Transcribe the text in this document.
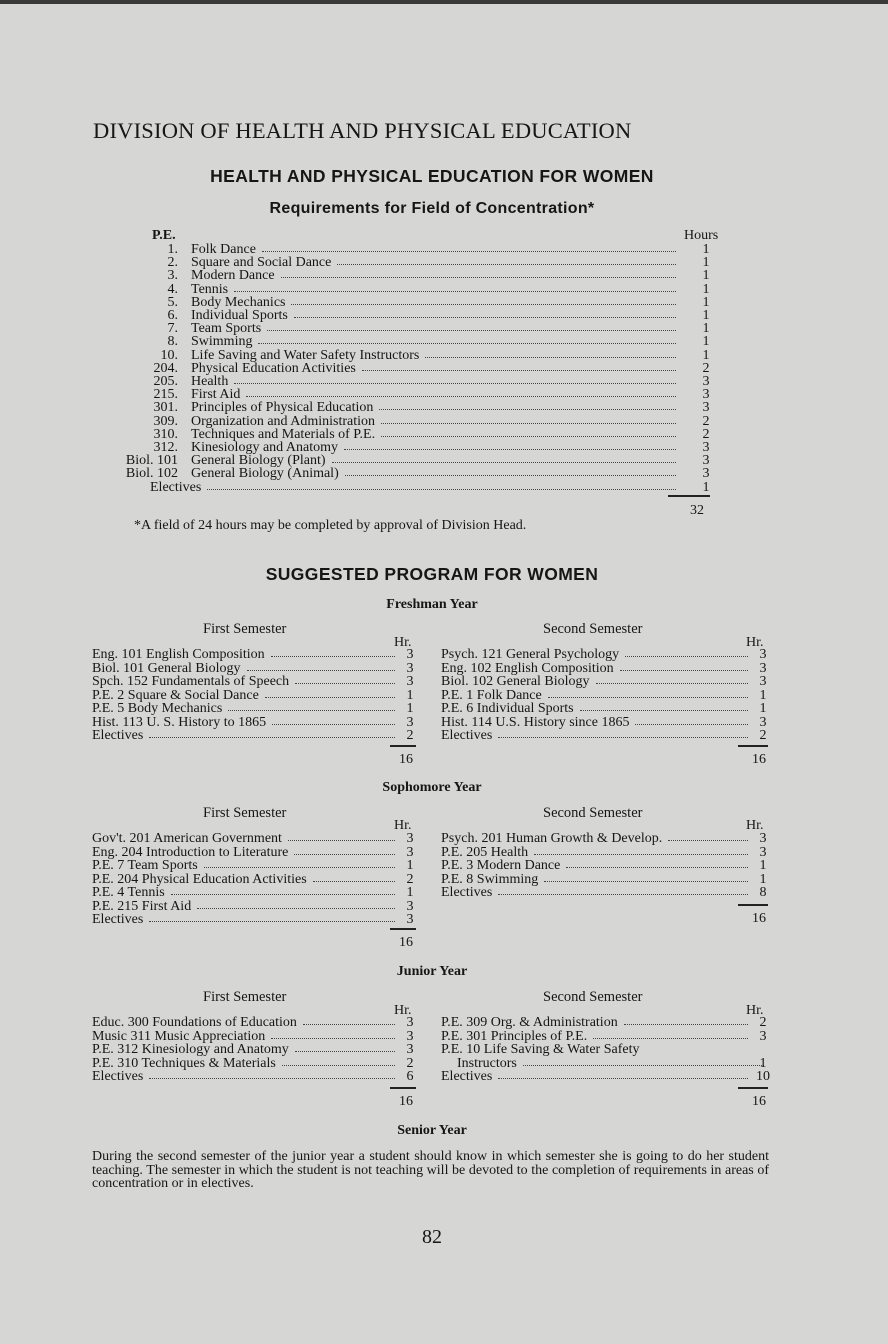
DIVISION OF HEALTH AND PHYSICAL EDUCATION
HEALTH AND PHYSICAL EDUCATION FOR WOMEN
Requirements for Field of Concentration*
P.E.	Hours
1. Folk Dance	1
2. Square and Social Dance	1
3. Modern Dance	1
4. Tennis	1
5. Body Mechanics	1
6. Individual Sports	1
7. Team Sports	1
8. Swimming	1
10. Life Saving and Water Safety Instructors	1
204. Physical Education Activities	2
205. Health	3
215. First Aid	3
301. Principles of Physical Education	3
309. Organization and Administration	2
310. Techniques and Materials of P.E.	2
312. Kinesiology and Anatomy	3
Biol. 101 General Biology (Plant)	3
Biol. 102 General Biology (Animal)	3
Electives	1
32
*A field of 24 hours may be completed by approval of Division Head.
SUGGESTED PROGRAM FOR WOMEN
Freshman Year
First Semester	Second Semester
Hr.	Hr.
Eng. 101 English Composition	3
Biol. 101 General Biology	3
Spch. 152 Fundamentals of Speech	3
P.E. 2 Square & Social Dance	1
P.E. 5 Body Mechanics	1
Hist. 113 U. S. History to 1865	3
Electives	2
Psych. 121 General Psychology	3
Eng. 102 English Composition	3
Biol. 102 General Biology	3
P.E. 1 Folk Dance	1
P.E. 6 Individual Sports	1
Hist. 114 U.S. History since 1865	3
Electives	2
16	16
Sophomore Year
First Semester	Second Semester
Hr.	Hr.
Gov't. 201 American Government	3
Eng. 204 Introduction to Literature	3
P.E. 7 Team Sports	1
P.E. 204 Physical Education Activities	2
P.E. 4 Tennis	1
P.E. 215 First Aid	3
Electives	3
Psych. 201 Human Growth & Develop.	3
P.E. 205 Health	3
P.E. 3 Modern Dance	1
P.E. 8 Swimming	1
Electives	8
16
16
Junior Year
First Semester	Second Semester
Hr.	Hr.
Educ. 300 Foundations of Education	3
Music 311 Music Appreciation	3
P.E. 312 Kinesiology and Anatomy	3
P.E. 310 Techniques & Materials	2
Electives	6
P.E. 309 Org. & Administration	2
P.E. 301 Principles of P.E.	3
P.E. 10 Life Saving & Water Safety
Instructors	1
Electives	10
16	16
Senior Year
During the second semester of the junior year a student should know in which semester she is going to do her student teaching. The semester in which the student is not teaching will be devoted to the completion of requirements in areas of concentration or in electives.
82
